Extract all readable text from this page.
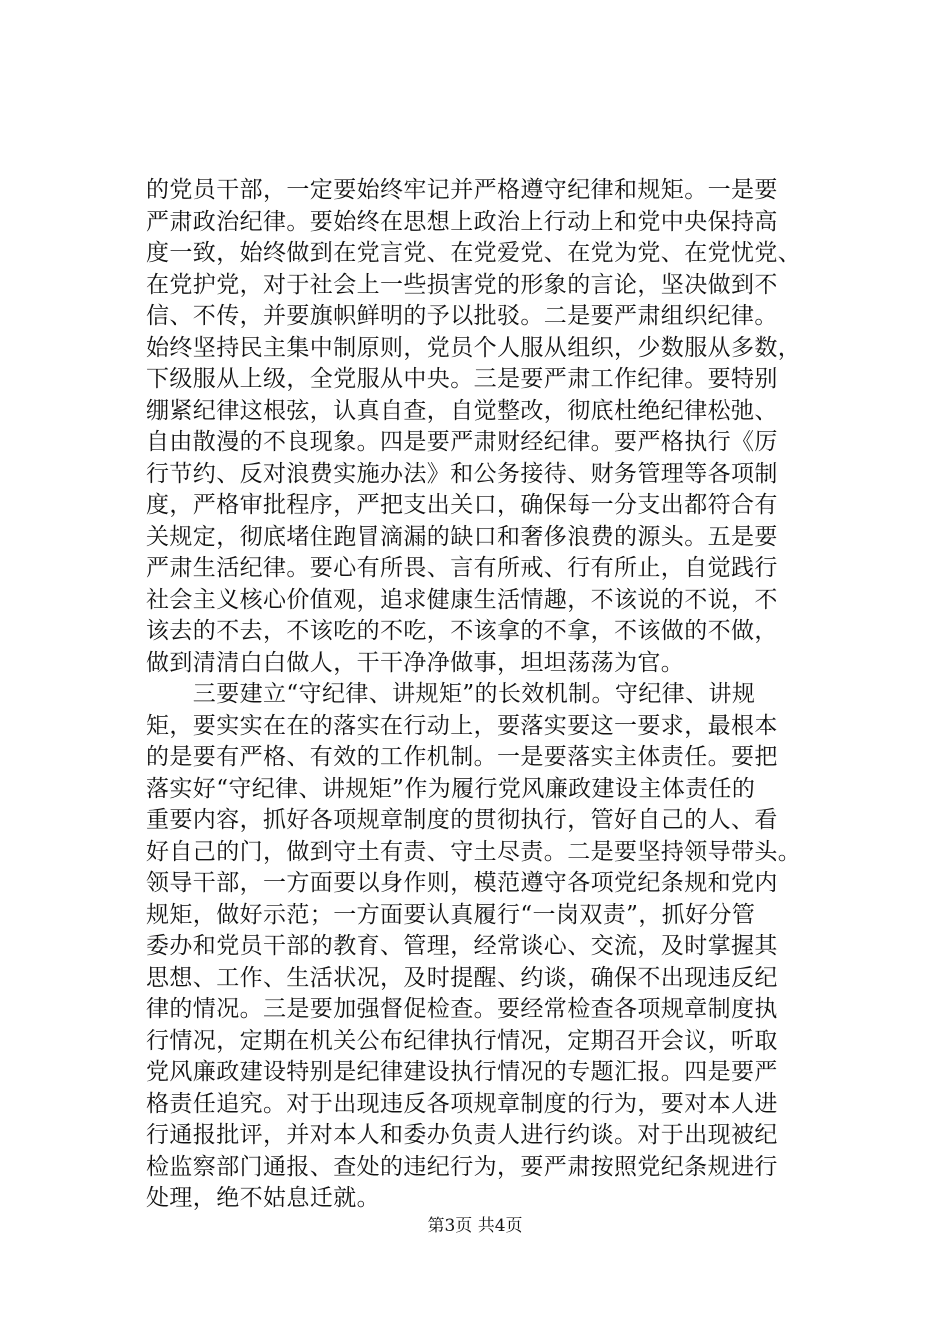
的党员干部，一定要始终牢记并严格遵守纪律和规矩。一是要
严肃政治纪律。要始终在思想上政治上行动上和党中央保持高
度一致，始终做到在党言党、在党爱党、在党为党、在党忧党、
在党护党，对于社会上一些损害党的形象的言论，坚决做到不
信、不传，并要旗帜鲜明的予以批驳。二是要严肃组织纪律。
始终坚持民主集中制原则，党员个人服从组织，少数服从多数，
下级服从上级，全党服从中央。三是要严肃工作纪律。要特别
绷紧纪律这根弦，认真自查，自觉整改，彻底杜绝纪律松弛、
自由散漫的不良现象。四是要严肃财经纪律。要严格执行《厉
行节约、反对浪费实施办法》和公务接待、财务管理等各项制
度，严格审批程序，严把支出关口，确保每一分支出都符合有
关规定，彻底堵住跑冒滴漏的缺口和奢侈浪费的源头。五是要
严肃生活纪律。要心有所畏、言有所戒、行有所止，自觉践行
社会主义核心价值观，追求健康生活情趣，不该说的不说，不
该去的不去，不该吃的不吃，不该拿的不拿，不该做的不做，
做到清清白白做人，干干净净做事，坦坦荡荡为官。
　　三要建立“守纪律、讲规矩”的长效机制。守纪律、讲规
矩，要实实在在的落实在行动上，要落实要这一要求，最根本
的是要有严格、有效的工作机制。一是要落实主体责任。要把
落实好“守纪律、讲规矩”作为履行党风廉政建设主体责任的
重要内容，抓好各项规章制度的贯彻执行，管好自己的人、看
好自己的门，做到守土有责、守土尽责。二是要坚持领导带头。
领导干部，一方面要以身作则，模范遵守各项党纪条规和党内
规矩，做好示范；一方面要认真履行“一岗双责”，抓好分管
委办和党员干部的教育、管理，经常谈心、交流，及时掌握其
思想、工作、生活状况，及时提醒、约谈，确保不出现违反纪
律的情况。三是要加强督促检查。要经常检查各项规章制度执
行情况，定期在机关公布纪律执行情况，定期召开会议，听取
党风廉政建设特别是纪律建设执行情况的专题汇报。四是要严
格责任追究。对于出现违反各项规章制度的行为，要对本人进
行通报批评，并对本人和委办负责人进行约谈。对于出现被纪
检监察部门通报、查处的违纪行为，要严肃按照党纪条规进行
处理，绝不姑息迁就。
第3页 共4页
